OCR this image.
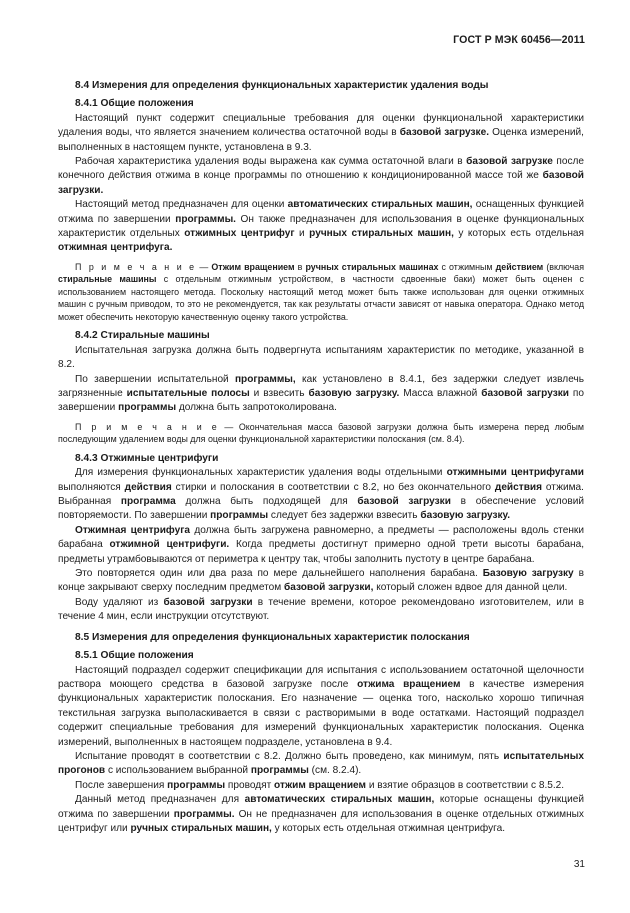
ГОСТ Р МЭК 60456—2011
8.4 Измерения для определения функциональных характеристик удаления воды
8.4.1 Общие положения

Настоящий пункт содержит специальные требования для оценки функциональной характеристики удаления воды, что является значением количества остаточной воды в базовой загрузке. Оценка измерений, выполненных в настоящем пункте, установлена в 9.3.

Рабочая характеристика удаления воды выражена как сумма остаточной влаги в базовой загрузке после конечного действия отжима в конце программы по отношению к кондиционированной массе той же базовой загрузки.

Настоящий метод предназначен для оценки автоматических стиральных машин, оснащенных функцией отжима по завершении программы. Он также предназначен для использования в оценке функциональных характеристик отдельных отжимных центрифуг и ручных стиральных машин, у которых есть отдельная отжимная центрифуга.

П р и м е ч а н и е — Отжим вращением в ручных стиральных машинах с отжимным действием (включая стиральные машины с отдельным отжимным устройством, в частности сдвоенные баки) может быть оценен с использованием настоящего метода. Поскольку настоящий метод может быть также использован для оценки отжимных машин с ручным приводом, то это не рекомендуется, так как результаты отчасти зависят от навыка оператора. Однако метод может обеспечить некоторую качественную оценку такого устройства.

8.4.2 Стиральные машины

Испытательная загрузка должна быть подвергнута испытаниям характеристик по методике, указанной в 8.2.

По завершении испытательной программы, как установлено в 8.4.1, без задержки следует извлечь загрязненные испытательные полосы и взвесить базовую загрузку. Масса влажной базовой загрузки по завершении программы должна быть запротоколирована.

П р и м е ч а н и е — Окончательная масса базовой загрузки должна быть измерена перед любым последующим удалением воды для оценки функциональной характеристики полоскания (см. 8.4).

8.4.3 Отжимные центрифуги

Для измерения функциональных характеристик удаления воды отдельными отжимными центрифугами выполняются действия стирки и полоскания в соответствии с 8.2, но без окончательного действия отжима. Выбранная программа должна быть подходящей для базовой загрузки в обеспечение условий повторяемости. По завершении программы следует без задержки взвесить базовую загрузку.

Отжимная центрифуга должна быть загружена равномерно, а предметы — расположены вдоль стенки барабана отжимной центрифуги. Когда предметы достигнут примерно одной трети высоты барабана, предметы утрамбовываются от периметра к центру так, чтобы заполнить пустоту в центре барабана.

Это повторяется один или два раза по мере дальнейшего наполнения барабана. Базовую загрузку в конце закрывают сверху последним предметом базовой загрузки, который сложен вдвое для данной цели.

Воду удаляют из базовой загрузки в течение времени, которое рекомендовано изготовителем, или в течение 4 мин, если инструкции отсутствуют.

8.5 Измерения для определения функциональных характеристик полоскания
8.5.1 Общие положения

Настоящий подраздел содержит спецификации для испытания с использованием остаточной щелочности раствора моющего средства в базовой загрузке после отжима вращением в качестве измерения функциональных характеристик полоскания. Его назначение — оценка того, насколько хорошо типичная текстильная загрузка выполаскивается в связи с растворимыми в воде остатками. Настоящий подраздел содержит специальные требования для измерений функциональных характеристик полоскания. Оценка измерений, выполненных в настоящем подразделе, установлена в 9.4.

Испытание проводят в соответствии с 8.2. Должно быть проведено, как минимум, пять испытательных прогонов с использованием выбранной программы (см. 8.2.4).

После завершения программы проводят отжим вращением и взятие образцов в соответствии с 8.5.2.

Данный метод предназначен для автоматических стиральных машин, которые оснащены функцией отжима по завершении программы. Он не предназначен для использования в оценке отдельных отжимных центрифуг или ручных стиральных машин, у которых есть отдельная отжимная центрифуга.

31
